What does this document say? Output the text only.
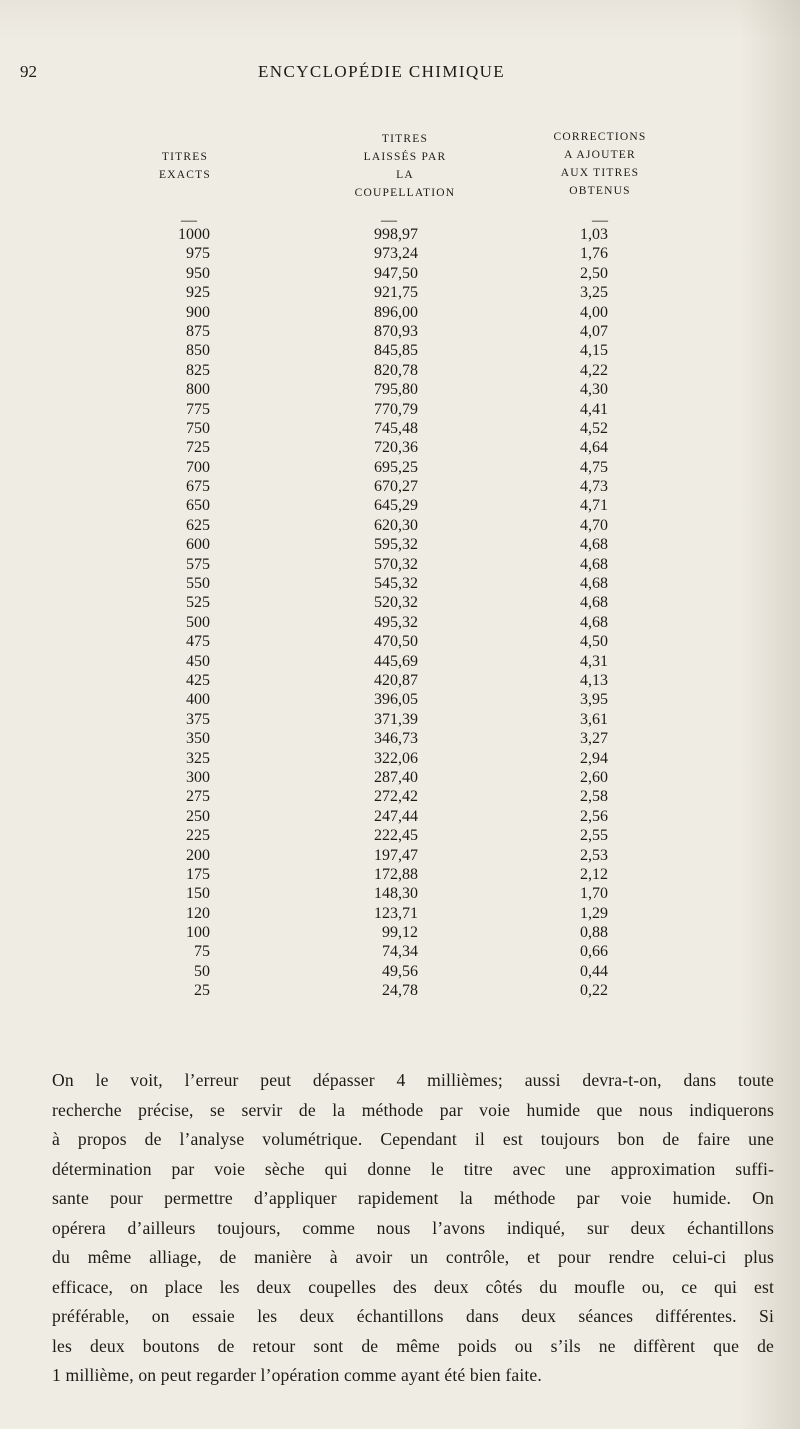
92	ENCYCLOPÉDIE CHIMIQUE
TITRES
EXACTS
TITRES
LAISSÉS PAR
LA
COUPELLATION
CORRECTIONS
A AJOUTER
AUX TITRES
OBTENUS
—	—	—
1000	998,97	1,03
975	973,24	1,76
950	947,50	2,50
925	921,75	3,25
900	896,00	4,00
875	870,93	4,07
850	845,85	4,15
825	820,78	4,22
800	795,80	4,30
775	770,79	4,41
750	745,48	4,52
725	720,36	4,64
700	695,25	4,75
675	670,27	4,73
650	645,29	4,71
625	620,30	4,70
600	595,32	4,68
575	570,32	4,68
550	545,32	4,68
525	520,32	4,68
500	495,32	4,68
475	470,50	4,50
450	445,69	4,31
425	420,87	4,13
400	396,05	3,95
375	371,39	3,61
350	346,73	3,27
325	322,06	2,94
300	287,40	2,60
275	272,42	2,58
250	247,44	2,56
225	222,45	2,55
200	197,47	2,53
175	172,88	2,12
150	148,30	1,70
120	123,71	1,29
100	99,12	0,88
75	74,34	0,66
50	49,56	0,44
25	24,78	0,22
On le voit, l’erreur peut dépasser 4 millièmes; aussi devra-t-on, dans toute
recherche précise, se servir de la méthode par voie humide que nous indiquerons
à propos de l’analyse volumétrique. Cependant il est toujours bon de faire une
détermination par voie sèche qui donne le titre avec une approximation suffi-
sante pour permettre d’appliquer rapidement la méthode par voie humide. On
opérera d’ailleurs toujours, comme nous l’avons indiqué, sur deux échantillons
du même alliage, de manière à avoir un contrôle, et pour rendre celui-ci plus
efficace, on place les deux coupelles des deux côtés du moufle ou, ce qui est
préférable, on essaie les deux échantillons dans deux séances différentes. Si
les deux boutons de retour sont de même poids ou s’ils ne diffèrent que de
1 millième, on peut regarder l’opération comme ayant été bien faite.
